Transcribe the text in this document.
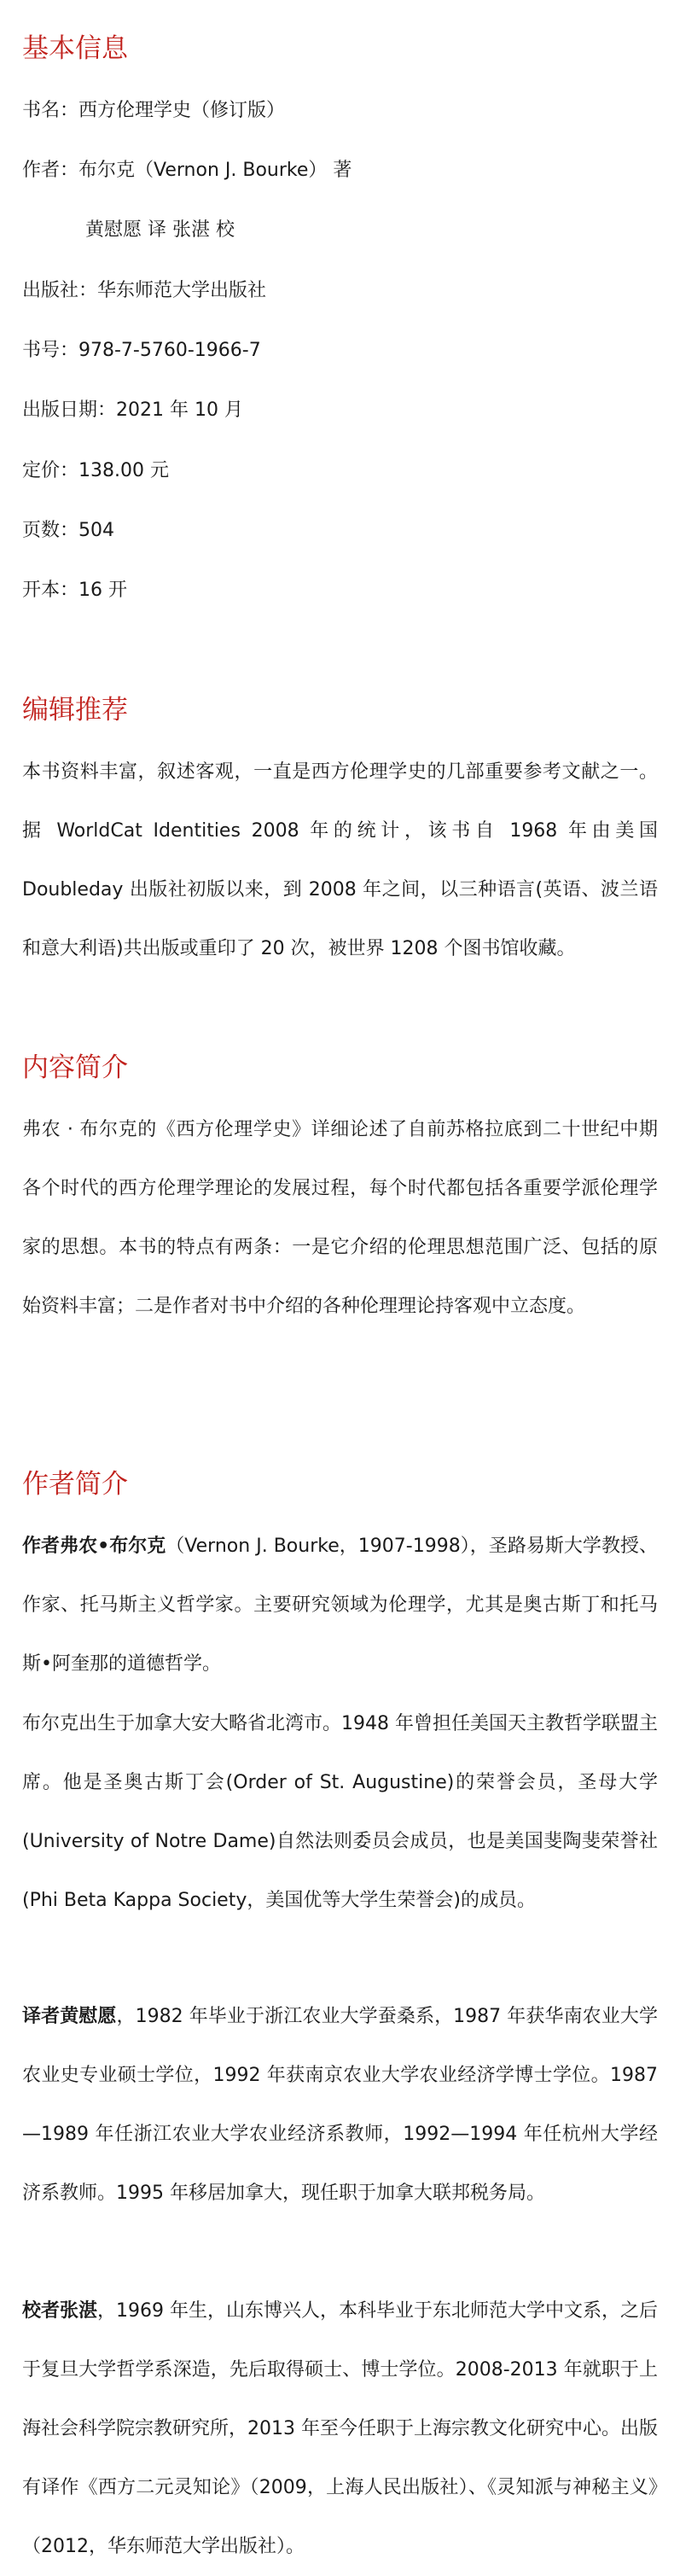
基本信息
书名：西方伦理学史（修订版）
作者：布尔克（Vernon J. Bourke） 著
黄慰愿 译 张湛 校
出版社：华东师范大学出版社
书号：978-7-5760-1966-7
出版日期：2021 年 10 月
定价：138.00 元
页数：504
开本：16 开
编辑推荐
本书资料丰富，叙述客观，一直是西方伦理学史的几部重要参考文献之一。据 WorldCat Identities 2008 年的统计，该书自 1968 年由美国 Doubleday 出版社初版以来，到 2008 年之间，以三种语言(英语、波兰语和意大利语)共出版或重印了 20 次，被世界 1208 个图书馆收藏。
内容简介
弗农 · 布尔克的《西方伦理学史》详细论述了自前苏格拉底到二十世纪中期各个时代的西方伦理学理论的发展过程，每个时代都包括各重要学派伦理学家的思想。本书的特点有两条：一是它介绍的伦理思想范围广泛、包括的原始资料丰富；二是作者对书中介绍的各种伦理理论持客观中立态度。
作者简介
作者弗农•布尔克（Vernon J. Bourke，1907-1998），圣路易斯大学教授、作家、托马斯主义哲学家。主要研究领域为伦理学，尤其是奥古斯丁和托马斯•阿奎那的道德哲学。
布尔克出生于加拿大安大略省北湾市。1948 年曾担任美国天主教哲学联盟主席。他是圣奥古斯丁会(Order of St. Augustine)的荣誉会员，圣母大学(University of Notre Dame)自然法则委员会成员，也是美国斐陶斐荣誉社(Phi Beta Kappa Society，美国优等大学生荣誉会)的成员。
译者黄慰愿，1982 年毕业于浙江农业大学蚕桑系，1987 年获华南农业大学农业史专业硕士学位，1992 年获南京农业大学农业经济学博士学位。1987—1989 年任浙江农业大学农业经济系教师，1992—1994 年任杭州大学经济系教师。1995 年移居加拿大，现任职于加拿大联邦税务局。
校者张湛，1969 年生，山东博兴人，本科毕业于东北师范大学中文系，之后于复旦大学哲学系深造，先后取得硕士、博士学位。2008-2013 年就职于上海社会科学院宗教研究所，2013 年至今任职于上海宗教文化研究中心。出版有译作《西方二元灵知论》（2009，上海人民出版社）、《灵知派与神秘主义》（2012，华东师范大学出版社）。
